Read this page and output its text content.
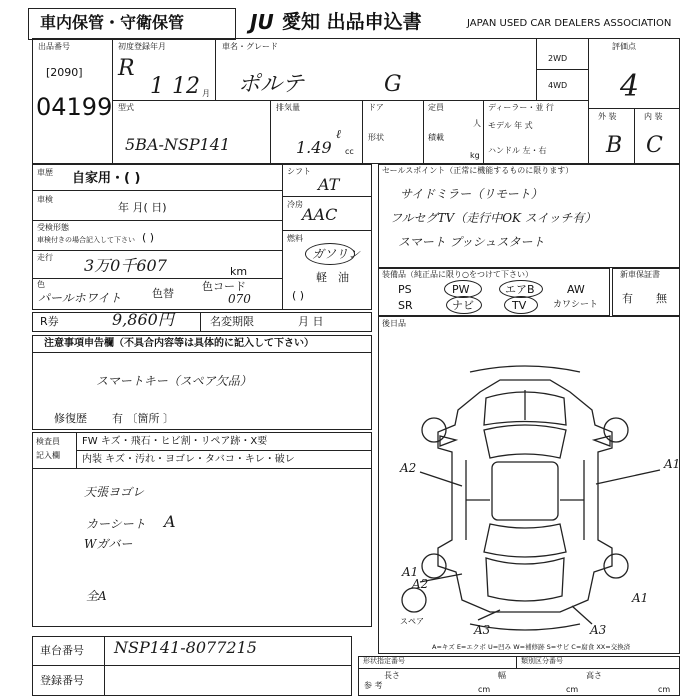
車内保管・守衛保管	JU 愛知 出品申込書	JAPAN USED CAR DEALERS ASSOCIATION
出品番号
[2090]
04199
初度登録年月
R
1 12 月
車名・グレード
ポルテ	G
2WD
4WD
評価点
4
外 装	内 装
B C
型式
5BA-NSP141
排気量
1.49
ℓ
cc
ドア
形状
定員
人
積載
kg
ディーラー・並 行
モデル 年 式
ハンドル 左・右
車歴 自家用・( )
車検
年 月( 日)
受検形態
車検付きの場合記入して下さい ( )
走行 3万0千607	km
色
パールホワイト	色替
色コード
070
シフト
AT
冷房
AAC
燃料
ガソリン
軽　油
( )
セールスポイント（正常に機能するものに限ります）
サイドミラー（リモート）
フルセグTV（走行中OK スイッチ有）
スマート プッシュスタート
装備品（純正品に限り○をつけて下さい）
PS	PW	エアB	AW
SR	ナビ	TV	カワシート
新車保証書
有 無
後日品
R券	9,860円	名変期限	月 日
注意事項申告欄（不具合内容等は具体的に記入して下さい）
スマートキー（スペア欠品）
修復歴 有 〔箇所 〕
検査員
記入欄
FW キズ・飛石・ヒビ割・リペア跡・X要
内装 キズ・汚れ・ヨゴレ・タバコ・キレ・破レ
天張ヨゴレ
カーシート
Wガバー
A
全A
車台番号 NSP141-8077215
登録番号
A2	A1
A2
A1
A1
A3	A3
スペア
A=キズ E=エクボ U=凹み W=補修跡 S=サビ C=腐食 XX=交換済
形状指定番号	類別区分番号
参 考
長さ
cm
幅
cm
高さ
cm
